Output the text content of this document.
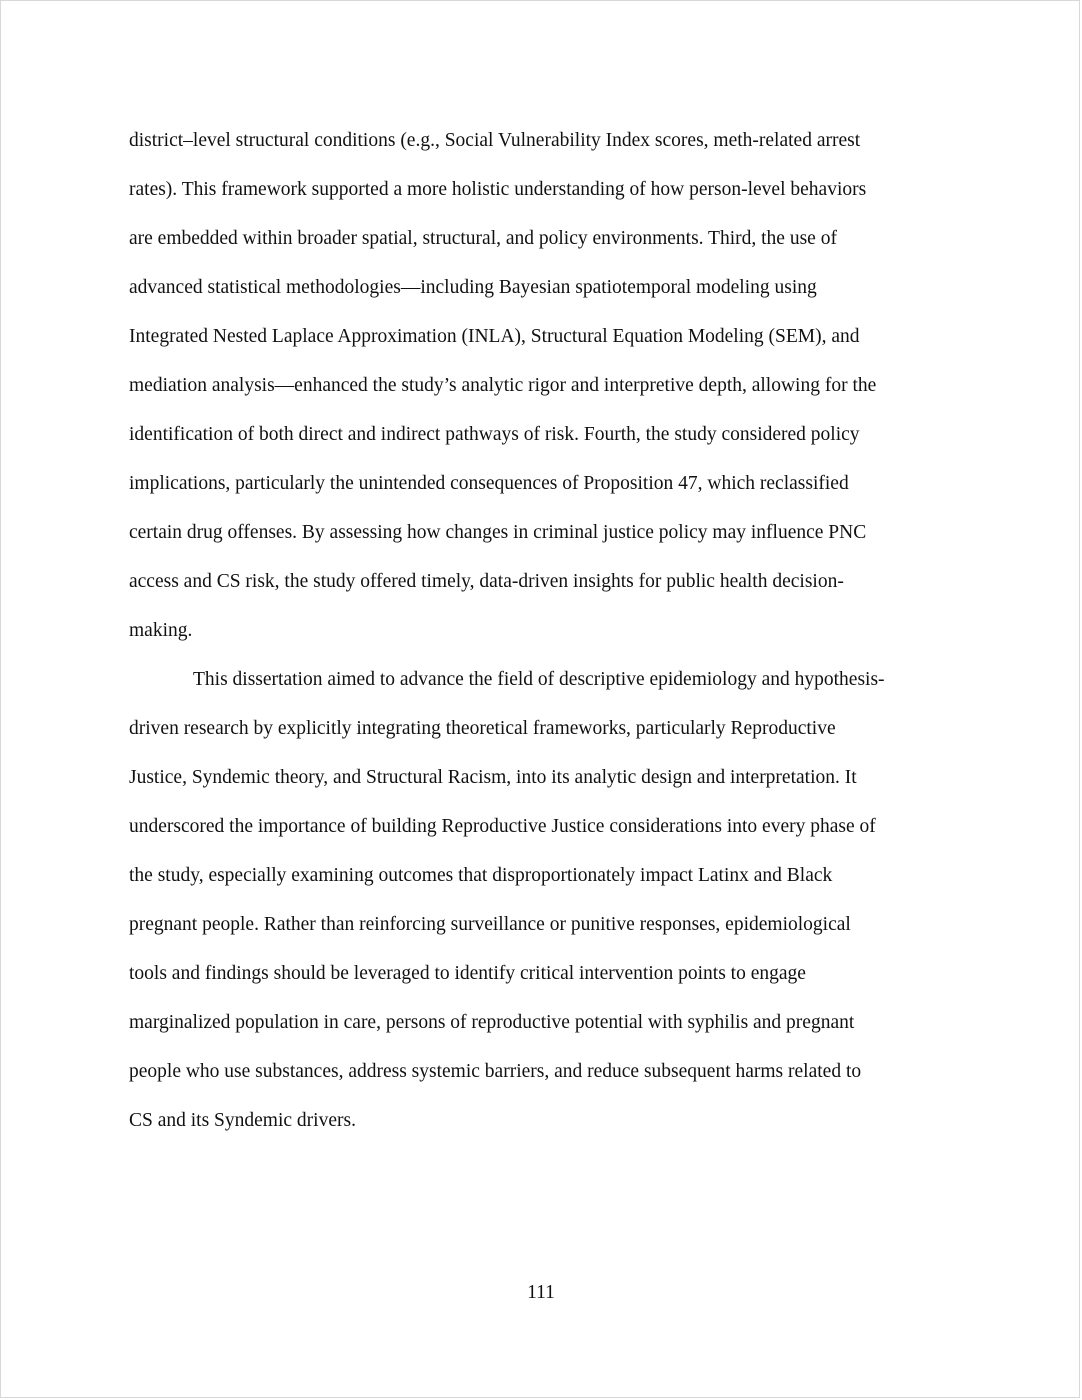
district–level structural conditions (e.g., Social Vulnerability Index scores, meth-related arrest
rates). This framework supported a more holistic understanding of how person-level behaviors
are embedded within broader spatial, structural, and policy environments. Third, the use of
advanced statistical methodologies—including Bayesian spatiotemporal modeling using
Integrated Nested Laplace Approximation (INLA), Structural Equation Modeling (SEM), and
mediation analysis—enhanced the study’s analytic rigor and interpretive depth, allowing for the
identification of both direct and indirect pathways of risk. Fourth, the study considered policy
implications, particularly the unintended consequences of Proposition 47, which reclassified
certain drug offenses. By assessing how changes in criminal justice policy may influence PNC
access and CS risk, the study offered timely, data-driven insights for public health decision-
making.
This dissertation aimed to advance the field of descriptive epidemiology and hypothesis-
driven research by explicitly integrating theoretical frameworks, particularly Reproductive
Justice, Syndemic theory, and Structural Racism, into its analytic design and interpretation. It
underscored the importance of building Reproductive Justice considerations into every phase of
the study, especially examining outcomes that disproportionately impact Latinx and Black
pregnant people. Rather than reinforcing surveillance or punitive responses, epidemiological
tools and findings should be leveraged to identify critical intervention points to engage
marginalized population in care, persons of reproductive potential with syphilis and pregnant
people who use substances, address systemic barriers, and reduce subsequent harms related to
CS and its Syndemic drivers.
111
